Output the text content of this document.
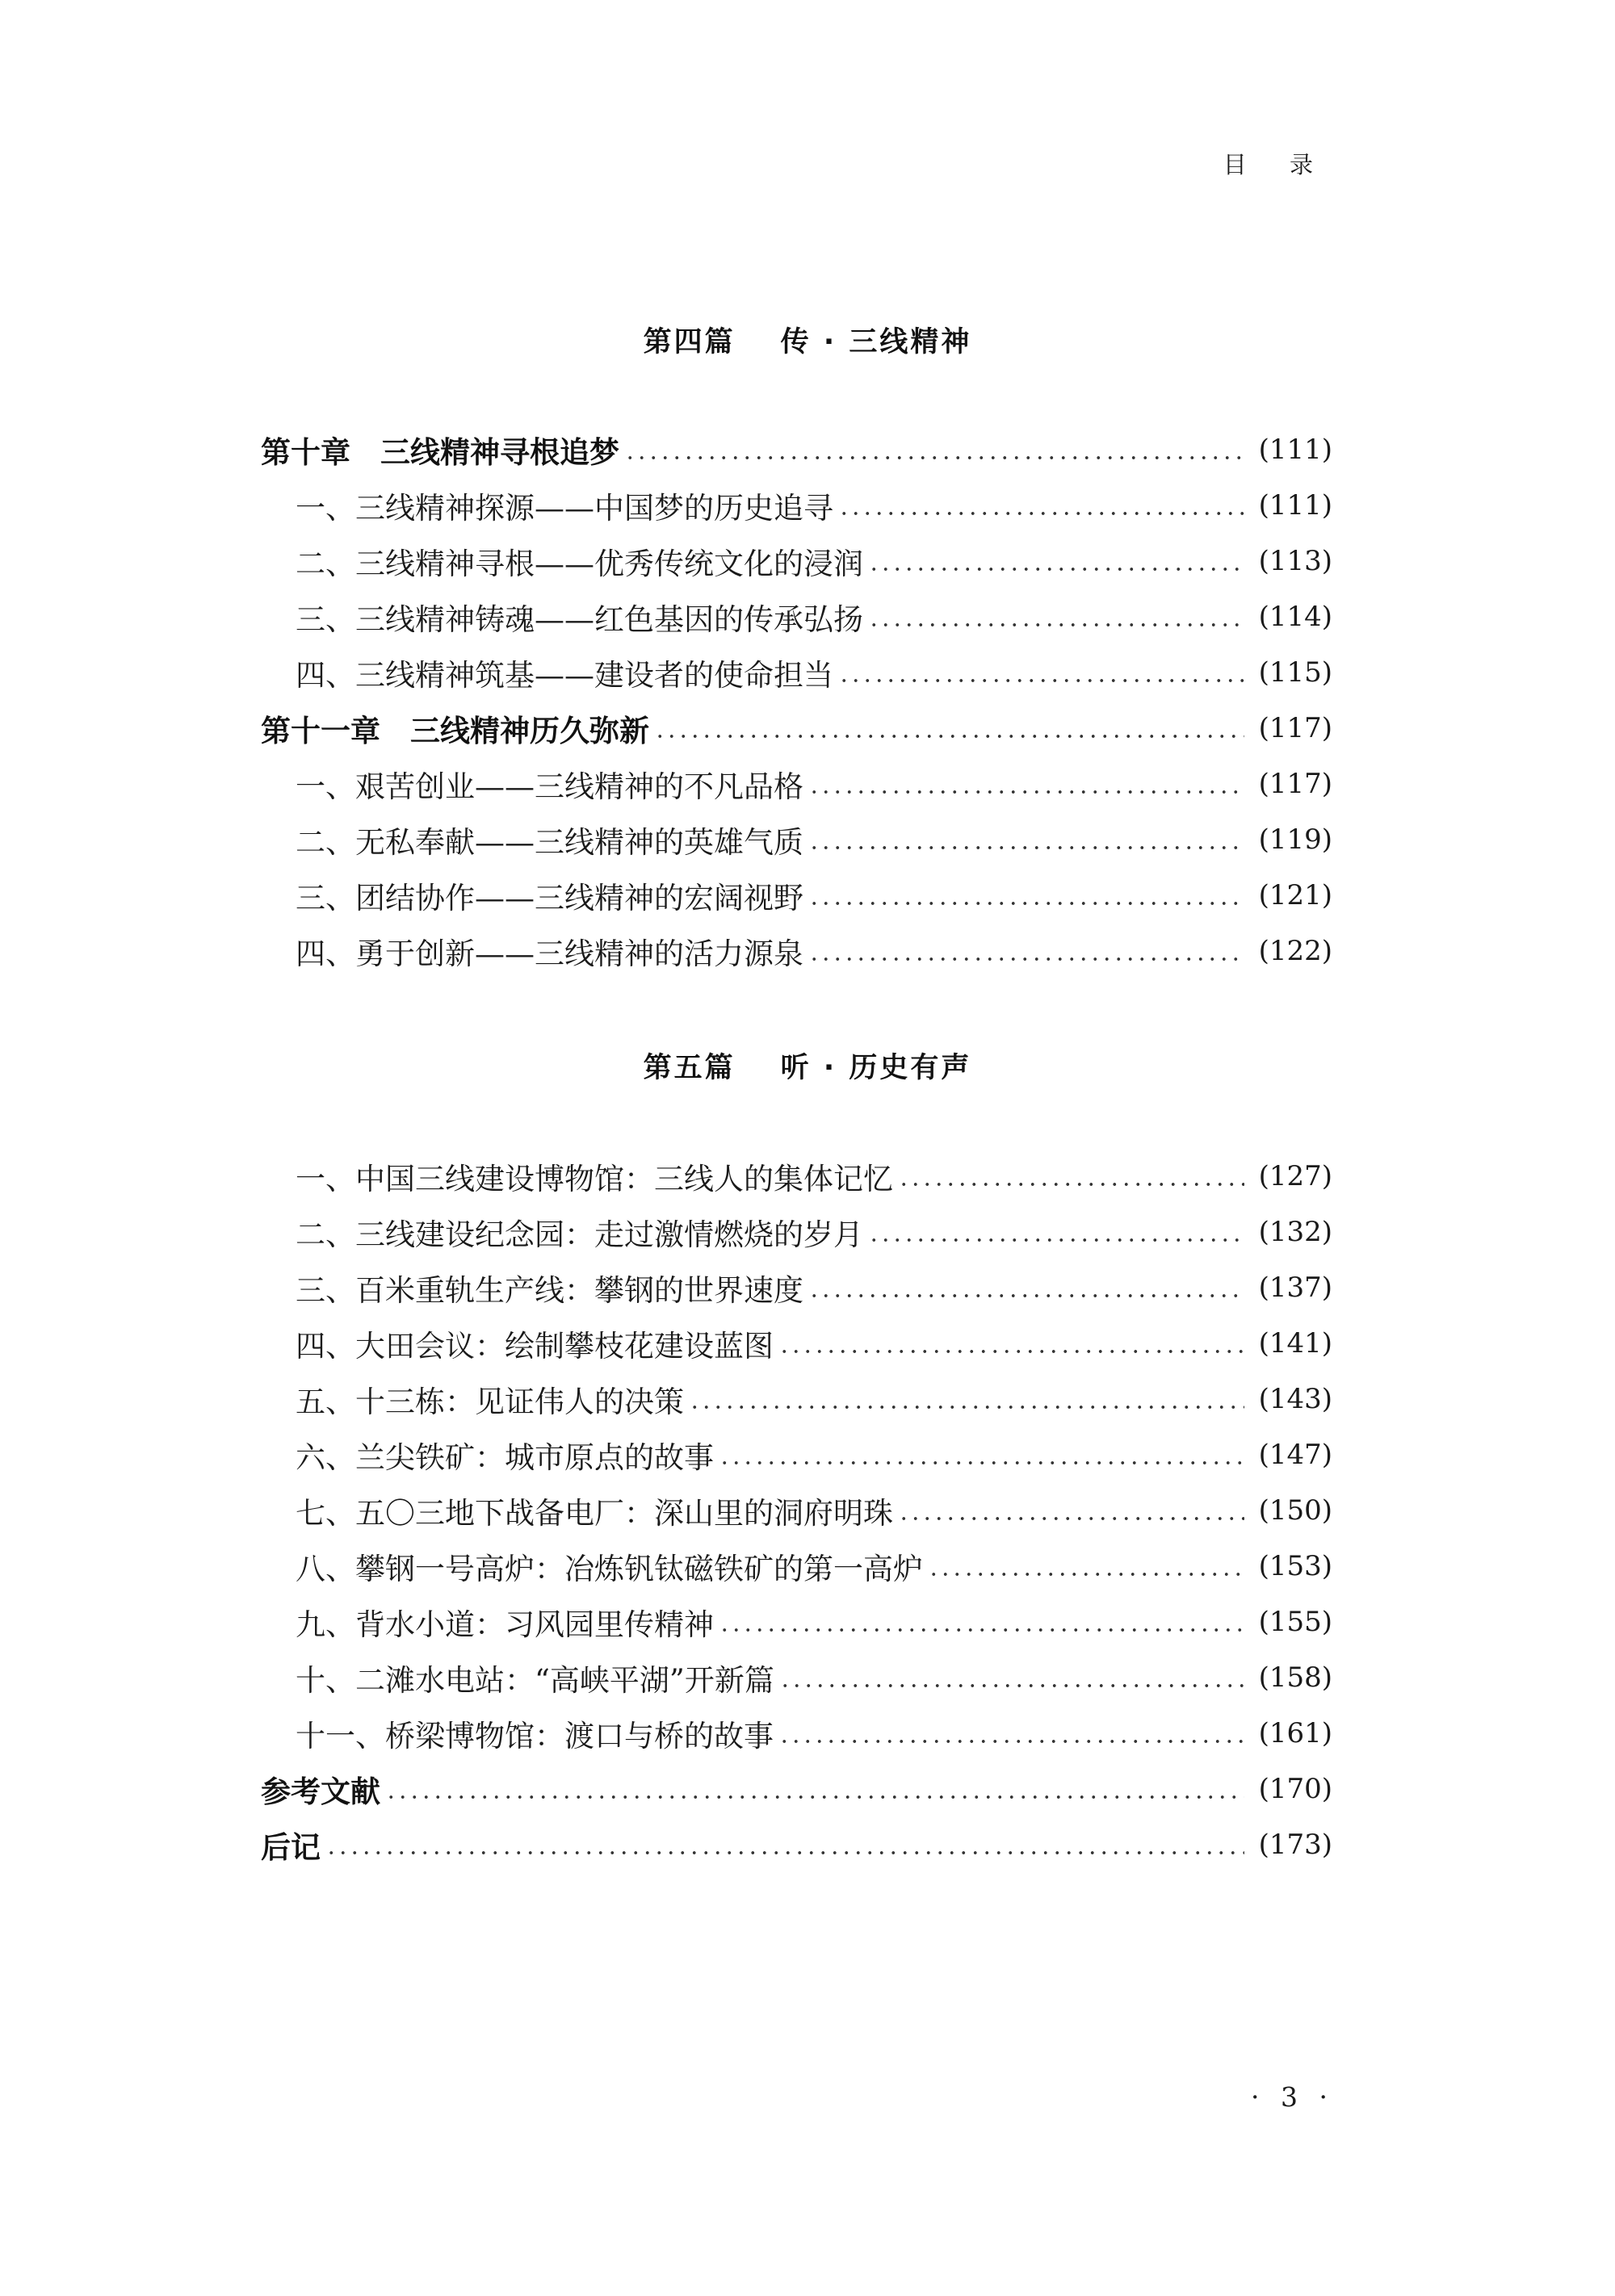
目 录
第四篇 传 · 三线精神
第十章　三线精神寻根追梦	(111)
一、三线精神探源——中国梦的历史追寻	(111)
二、三线精神寻根——优秀传统文化的浸润	(113)
三、三线精神铸魂——红色基因的传承弘扬	(114)
四、三线精神筑基——建设者的使命担当	(115)
第十一章　三线精神历久弥新	(117)
一、艰苦创业——三线精神的不凡品格	(117)
二、无私奉献——三线精神的英雄气质	(119)
三、团结协作——三线精神的宏阔视野	(121)
四、勇于创新——三线精神的活力源泉	(122)
第五篇 听 · 历史有声
一、中国三线建设博物馆：三线人的集体记忆	(127)
二、三线建设纪念园：走过激情燃烧的岁月	(132)
三、百米重轨生产线：攀钢的世界速度	(137)
四、大田会议：绘制攀枝花建设蓝图	(141)
五、十三栋：见证伟人的决策	(143)
六、兰尖铁矿：城市原点的故事	(147)
七、五〇三地下战备电厂：深山里的洞府明珠	(150)
八、攀钢一号高炉：冶炼钒钛磁铁矿的第一高炉	(153)
九、背水小道：习风园里传精神	(155)
十、二滩水电站：“高峡平湖”开新篇	(158)
十一、桥梁博物馆：渡口与桥的故事	(161)
参考文献	(170)
后记	(173)
· 3 ·
